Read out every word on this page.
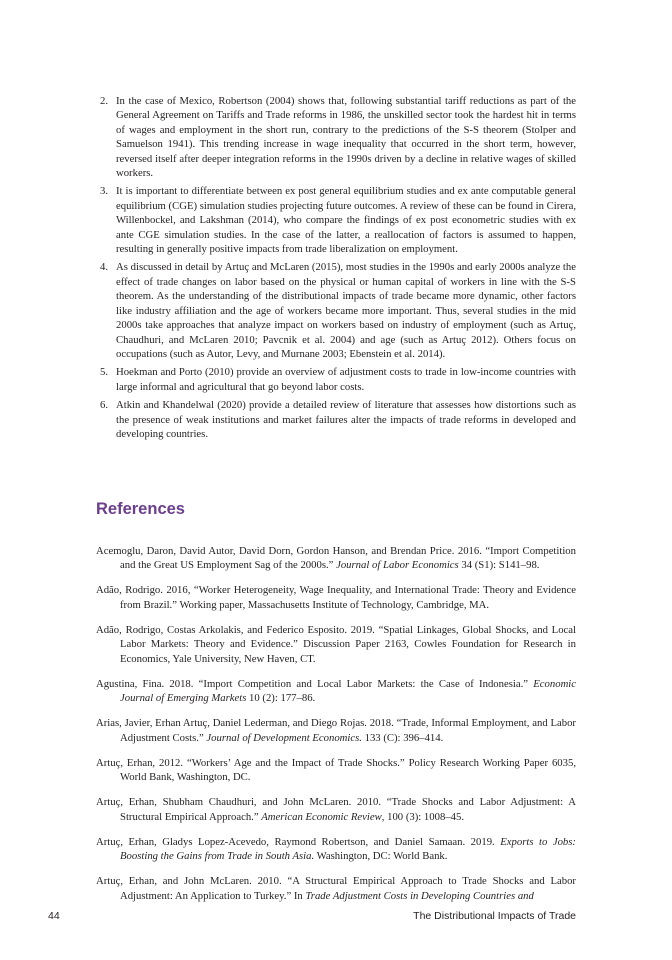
2. In the case of Mexico, Robertson (2004) shows that, following substantial tariff reductions as part of the General Agreement on Tariffs and Trade reforms in 1986, the unskilled sector took the hardest hit in terms of wages and employment in the short run, contrary to the predictions of the S-S theorem (Stolper and Samuelson 1941). This trending increase in wage inequality that occurred in the short term, however, reversed itself after deeper integration reforms in the 1990s driven by a decline in relative wages of skilled workers.
3. It is important to differentiate between ex post general equilibrium studies and ex ante computable general equilibrium (CGE) simulation studies projecting future outcomes. A review of these can be found in Cirera, Willenbockel, and Lakshman (2014), who compare the findings of ex post econometric studies with ex ante CGE simulation studies. In the case of the latter, a reallocation of factors is assumed to happen, resulting in generally positive impacts from trade liberalization on employment.
4. As discussed in detail by Artuç and McLaren (2015), most studies in the 1990s and early 2000s analyze the effect of trade changes on labor based on the physical or human capital of workers in line with the S-S theorem. As the understanding of the distributional impacts of trade became more dynamic, other factors like industry affiliation and the age of workers became more important. Thus, several studies in the mid 2000s take approaches that analyze impact on workers based on industry of employment (such as Artuç, Chaudhuri, and McLaren 2010; Pavcnik et al. 2004) and age (such as Artuç 2012). Others focus on occupations (such as Autor, Levy, and Murnane 2003; Ebenstein et al. 2014).
5. Hoekman and Porto (2010) provide an overview of adjustment costs to trade in low-income countries with large informal and agricultural that go beyond labor costs.
6. Atkin and Khandelwal (2020) provide a detailed review of literature that assesses how distortions such as the presence of weak institutions and market failures alter the impacts of trade reforms in developed and developing countries.
References

Acemoglu, Daron, David Autor, David Dorn, Gordon Hanson, and Brendan Price. 2016. “Import Competition and the Great US Employment Sag of the 2000s.” Journal of Labor Economics 34 (S1): S141–98.

Adão, Rodrigo. 2016, “Worker Heterogeneity, Wage Inequality, and International Trade: Theory and Evidence from Brazil.” Working paper, Massachusetts Institute of Technology, Cambridge, MA.

Adão, Rodrigo, Costas Arkolakis, and Federico Esposito. 2019. “Spatial Linkages, Global Shocks, and Local Labor Markets: Theory and Evidence.” Discussion Paper 2163, Cowles Foundation for Research in Economics, Yale University, New Haven, CT.

Agustina, Fina. 2018. “Import Competition and Local Labor Markets: the Case of Indonesia.” Economic Journal of Emerging Markets 10 (2): 177–86.

Arias, Javier, Erhan Artuç, Daniel Lederman, and Diego Rojas. 2018. “Trade, Informal Employment, and Labor Adjustment Costs.” Journal of Development Economics. 133 (C): 396–414.

Artuç, Erhan, 2012. “Workers’ Age and the Impact of Trade Shocks.” Policy Research Working Paper 6035, World Bank, Washington, DC.

Artuç, Erhan, Shubham Chaudhuri, and John McLaren. 2010. “Trade Shocks and Labor Adjustment: A Structural Empirical Approach.” American Economic Review, 100 (3): 1008–45.

Artuç, Erhan, Gladys Lopez-Acevedo, Raymond Robertson, and Daniel Samaan. 2019. Exports to Jobs: Boosting the Gains from Trade in South Asia. Washington, DC: World Bank.

Artuç, Erhan, and John McLaren. 2010. “A Structural Empirical Approach to Trade Shocks and Labor Adjustment: An Application to Turkey.” In Trade Adjustment Costs in Developing Countries and

44	The Distributional Impacts of Trade
